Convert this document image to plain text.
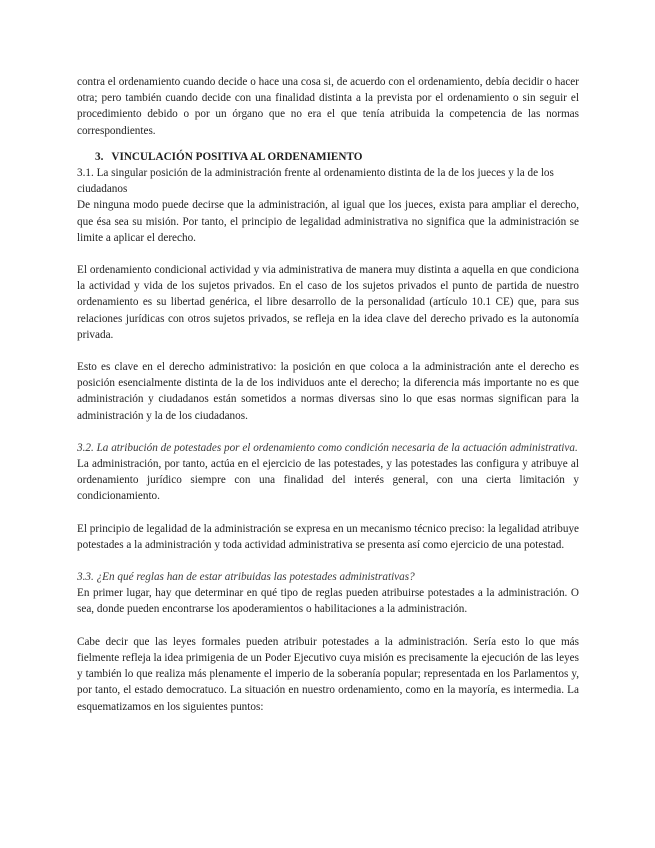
contra el ordenamiento cuando decide o hace una cosa si, de acuerdo con el ordenamiento, debía decidir o hacer otra; pero también cuando decide con una finalidad distinta a la prevista por el ordenamiento o sin seguir el procedimiento debido o por un órgano que no era el que tenía atribuida la competencia de las normas correspondientes.

3. VINCULACIÓN POSITIVA AL ORDENAMIENTO

3.1. La singular posición de la administración frente al ordenamiento distinta de la de los jueces y la de los ciudadanos

De ninguna modo puede decirse que la administración, al igual que los jueces, exista para ampliar el derecho, que ésa sea su misión. Por tanto, el principio de legalidad administrativa no significa que la administración se limite a aplicar el derecho.

El ordenamiento condicional actividad y via administrativa de manera muy distinta a aquella en que condiciona la actividad y vida de los sujetos privados. En el caso de los sujetos privados el punto de partida de nuestro ordenamiento es su libertad genérica, el libre desarrollo de la personalidad (artículo 10.1 CE) que, para sus relaciones jurídicas con otros sujetos privados, se refleja en la idea clave del derecho privado es la autonomía privada.

Esto es clave en el derecho administrativo: la posición en que coloca a la administración ante el derecho es posición esencialmente distinta de la de los individuos ante el derecho; la diferencia más importante no es que administración y ciudadanos están sometidos a normas diversas sino lo que esas normas significan para la administración y la de los ciudadanos.

3.2. La atribución de potestades por el ordenamiento como condición necesaria de la actuación administrativa.

La administración, por tanto, actúa en el ejercicio de las potestades, y las potestades las configura y atribuye al ordenamiento jurídico siempre con una finalidad del interés general, con una cierta limitación y condicionamiento.

El principio de legalidad de la administración se expresa en un mecanismo técnico preciso: la legalidad atribuye potestades a la administración y toda actividad administrativa se presenta así como ejercicio de una potestad.

3.3. ¿En qué reglas han de estar atribuidas las potestades administrativas?

En primer lugar, hay que determinar en qué tipo de reglas pueden atribuirse potestades a la administración. O sea, donde pueden encontrarse los apoderamientos o habilitaciones a la administración.

Cabe decir que las leyes formales pueden atribuir potestades a la administración. Sería esto lo que más fielmente refleja la idea primigenia de un Poder Ejecutivo cuya misión es precisamente la ejecución de las leyes y también lo que realiza más plenamente el imperio de la soberanía popular; representada en los Parlamentos y, por tanto, el estado democratuco. La situación en nuestro ordenamiento, como en la mayoría, es intermedia. La esquematizamos en los siguientes puntos:
